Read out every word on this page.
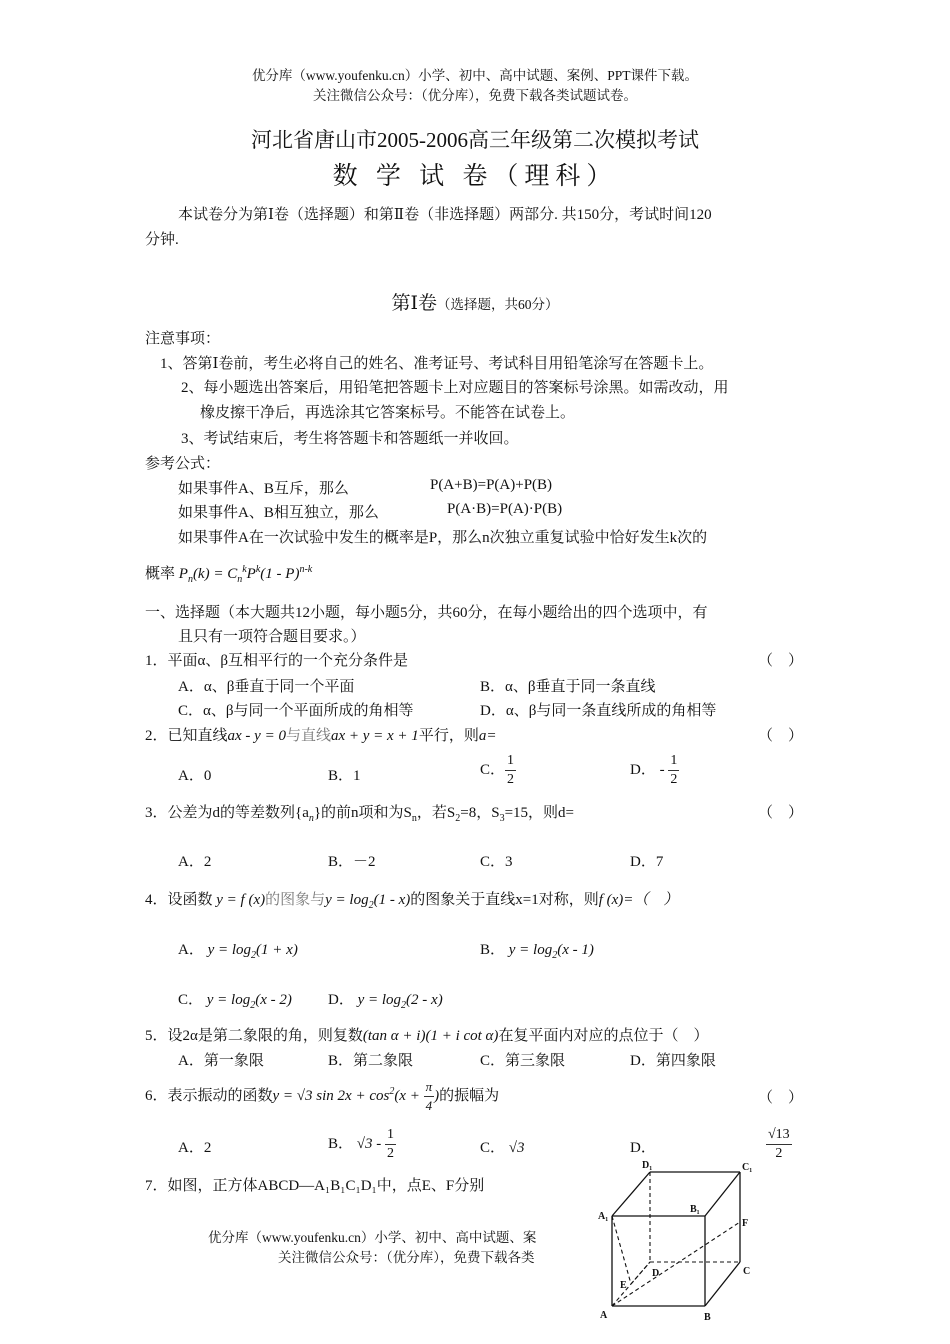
优分库（www.youfenku.cn）小学、初中、高中试题、案例、PPT课件下载。
关注微信公众号：（优分库），免费下载各类试题试卷。
河北省唐山市2005-2006高三年级第二次模拟考试
数 学 试 卷（理科）
本试卷分为第Ⅰ卷（选择题）和第Ⅱ卷（非选择题）两部分. 共150分，考试时间120
分钟.
第Ⅰ卷（选择题，共60分）
注意事项：
1、答第Ⅰ卷前，考生必将自己的姓名、准考证号、考试科目用铅笔涂写在答题卡上。
2、每小题选出答案后，用铅笔把答题卡上对应题目的答案标号涂黑。如需改动，用
橡皮擦干净后，再选涂其它答案标号。不能答在试卷上。
3、考试结束后，考生将答题卡和答题纸一并收回。
参考公式：
如果事件A、B互斥，那么	P(A+B)=P(A)+P(B)
如果事件A、B相互独立，那么	P(A·B)=P(A)·P(B)
如果事件A在一次试验中发生的概率是P，那么n次独立重复试验中恰好发生k次的
概率 $P_n(k) = C_n^kP^k(1 - P)^{n-k}$
一、选择题（本大题共12小题，每小题5分，共60分，在每小题给出的四个选项中，有
且只有一项符合题目要求。）
1．平面α、β互相平行的一个充分条件是	（　）
A．α、β垂直于同一个平面	B．α、β垂直于同一条直线
C．α、β与同一个平面所成的角相等	D．α、β与同一条直线所成的角相等
2．已知直线ax - y = 0与直线ax + y = x + 1平行，则a=	（　）
A．0	B．1	C． $\frac{1}{2}$	D． - $\frac{1}{2}$
3．公差为d的等差数列$\{a_n\}$的前n项和为$S_n$，若$S_2=8$，$S_3=15$，则d=	（　）
A．2	B．－2	C．3	D．7
4．设函数 y = f (x)的图象与$y = \log_2(1 - x)$的图象关于直线x=1对称，则f (x)=（　）
A． $y = \log_2(1 + x)$	B． $y = \log_2(x - 1)$
C． $y = \log_2(x - 2)$ D． $y = \log_2(2 - x)$
5．设2α是第二象限的角，则复数(tan α + i)(1 + i cot α)在复平面内对应的点位于（　）
A．第一象限	B．第二象限	C．第三象限	D．第四象限
6．表示振动的函数y = √3 $\sin 2x + \cos^2(x + \frac{\pi}{4}$ )的振幅为	（　）
A．2	B． $√3 - \frac{1}{2}$	C． √3	D．	$\frac{√13}{2}$
7．如图，正方体ABCD—A₁B₁C₁D₁中，点E、F分别
D₁	C₁
A₁
B₁
F
D	C
E
A	B
优分库（www.youfenku.cn）小学、初中、高中试题、案
关注微信公众号：（优分库），免费下载各类
